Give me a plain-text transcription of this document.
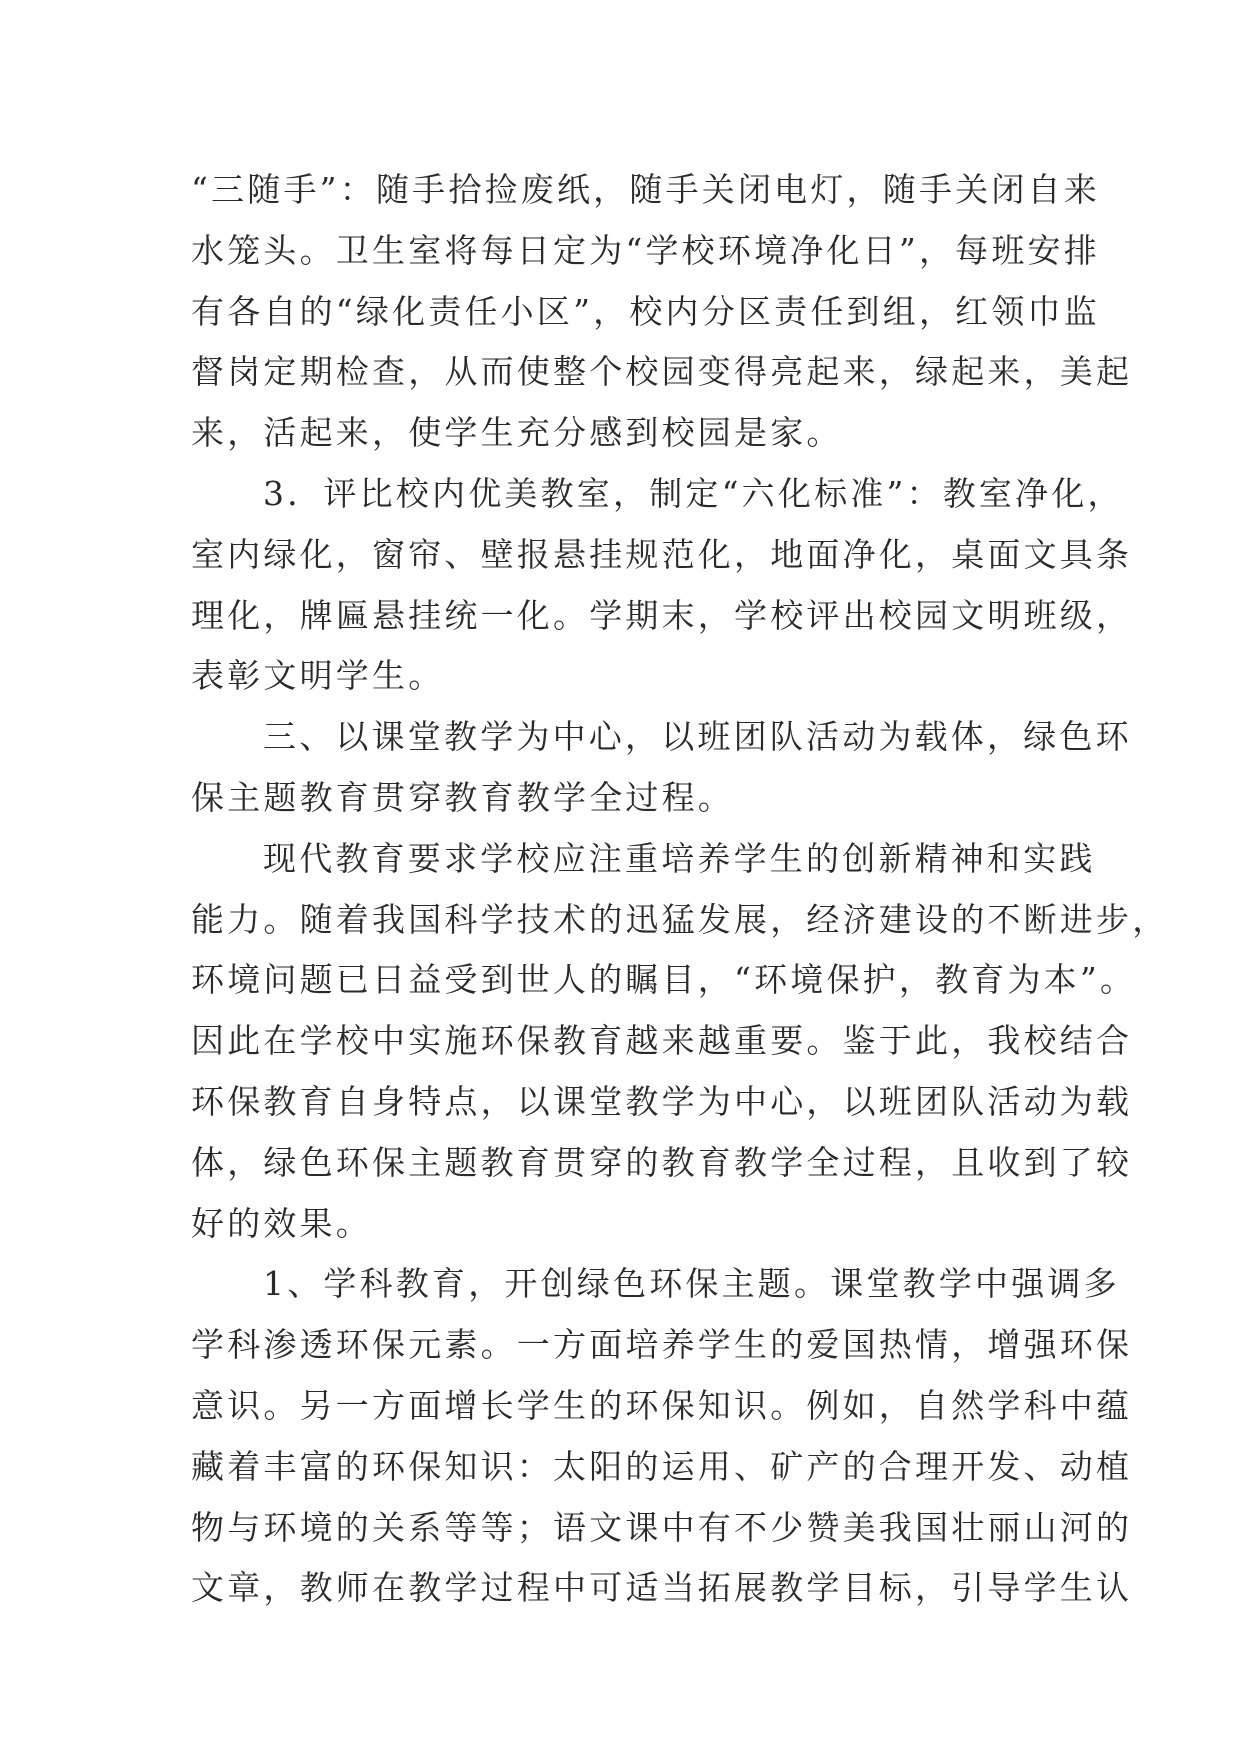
“三随手”：随手拾捡废纸，随手关闭电灯，随手关闭自来
水笼头。卫生室将每日定为“学校环境净化日”，每班安排
有各自的“绿化责任小区”，校内分区责任到组，红领巾监
督岗定期检查，从而使整个校园变得亮起来，绿起来，美起
来，活起来，使学生充分感到校园是家。
3．评比校内优美教室，制定“六化标准”：教室净化，
室内绿化，窗帘、壁报悬挂规范化，地面净化，桌面文具条
理化，牌匾悬挂统一化。学期末，学校评出校园文明班级，
表彰文明学生。
三、以课堂教学为中心，以班团队活动为载体，绿色环
保主题教育贯穿教育教学全过程。
现代教育要求学校应注重培养学生的创新精神和实践
能力。随着我国科学技术的迅猛发展，经济建设的不断进步，
环境问题已日益受到世人的瞩目，“环境保护，教育为本”。
因此在学校中实施环保教育越来越重要。鉴于此，我校结合
环保教育自身特点，以课堂教学为中心，以班团队活动为载
体，绿色环保主题教育贯穿的教育教学全过程，且收到了较
好的效果。
1、学科教育，开创绿色环保主题。课堂教学中强调多
学科渗透环保元素。一方面培养学生的爱国热情，增强环保
意识。另一方面增长学生的环保知识。例如，自然学科中蕴
藏着丰富的环保知识：太阳的运用、矿产的合理开发、动植
物与环境的关系等等；语文课中有不少赞美我国壮丽山河的
文章，教师在教学过程中可适当拓展教学目标，引导学生认
